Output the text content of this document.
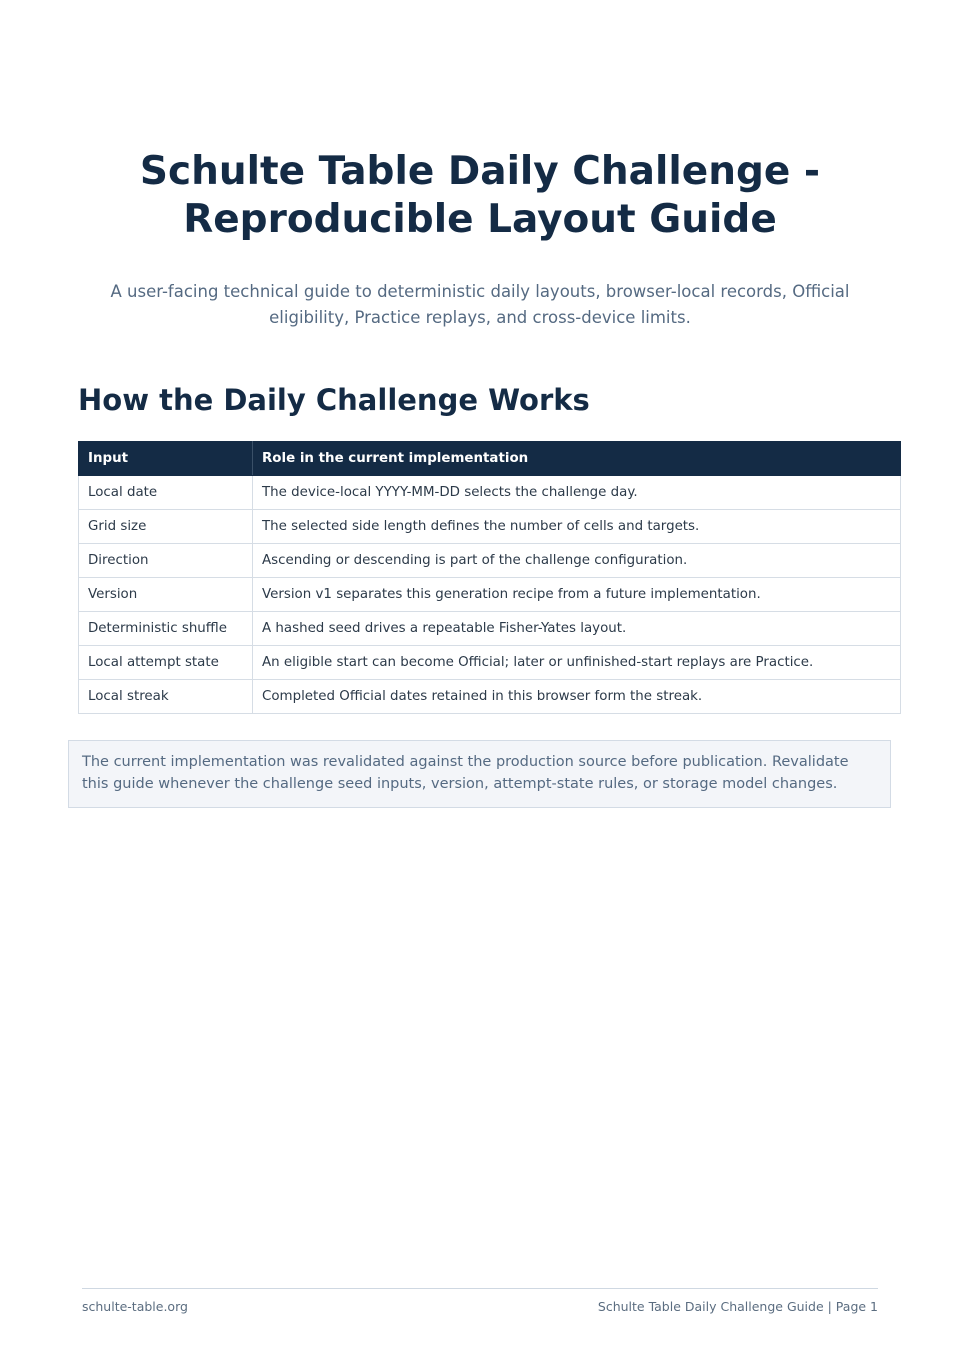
Schulte Table Daily Challenge - Reproducible Layout Guide

A user-facing technical guide to deterministic daily layouts, browser-local records, Official eligibility, Practice replays, and cross-device limits.

How the Daily Challenge Works
Input	Role in the current implementation
Local date	The device-local YYYY-MM-DD selects the challenge day.
Grid size	The selected side length defines the number of cells and targets.
Direction	Ascending or descending is part of the challenge configuration.
Version	Version v1 separates this generation recipe from a future implementation.
Deterministic shuffle	A hashed seed drives a repeatable Fisher-Yates layout.
Local attempt state	An eligible start can become Official; later or unfinished-start replays are Practice.
Local streak	Completed Official dates retained in this browser form the streak.
The current implementation was revalidated against the production source before publication. Revalidate this guide whenever the challenge seed inputs, version, attempt-state rules, or storage model changes.
schulte-table.org	Schulte Table Daily Challenge Guide | Page 1
